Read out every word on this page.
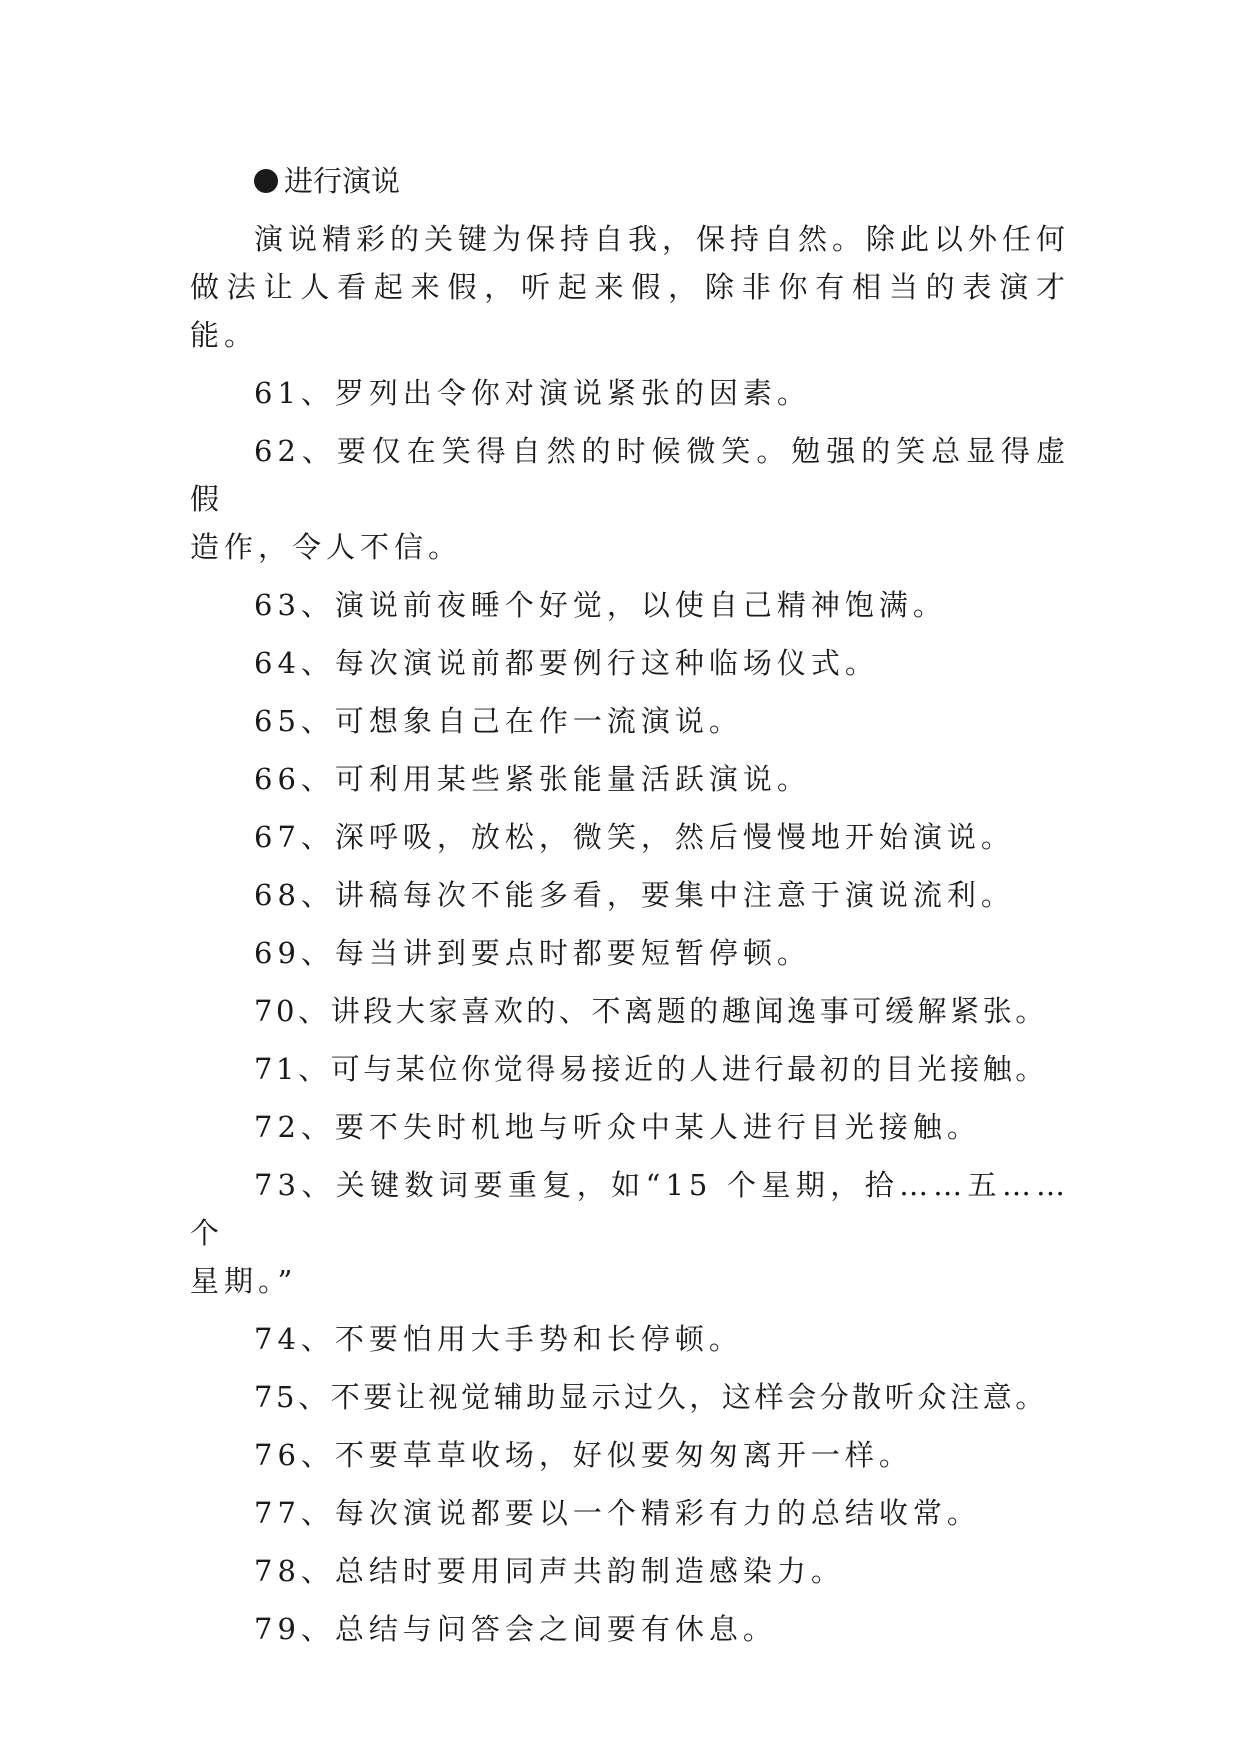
进行演说

演说精彩的关键为保持自我，保持自然。除此以外任何
做法让人看起来假，听起来假，除非你有相当的表演才能。

61、罗列出令你对演说紧张的因素。

62、要仅在笑得自然的时候微笑。勉强的笑总显得虚假
造作，令人不信。

63、演说前夜睡个好觉，以使自己精神饱满。

64、每次演说前都要例行这种临场仪式。

65、可想象自己在作一流演说。

66、可利用某些紧张能量活跃演说。

67、深呼吸，放松，微笑，然后慢慢地开始演说。

68、讲稿每次不能多看，要集中注意于演说流利。

69、每当讲到要点时都要短暂停顿。

70、讲段大家喜欢的、不离题的趣闻逸事可缓解紧张。

71、可与某位你觉得易接近的人进行最初的目光接触。

72、要不失时机地与听众中某人进行目光接触。

73、关键数词要重复，如“15 个星期，拾……五……个
星期。”

74、不要怕用大手势和长停顿。

75、不要让视觉辅助显示过久，这样会分散听众注意。

76、不要草草收场，好似要匆匆离开一样。

77、每次演说都要以一个精彩有力的总结收常。

78、总结时要用同声共韵制造感染力。

79、总结与问答会之间要有休息。
